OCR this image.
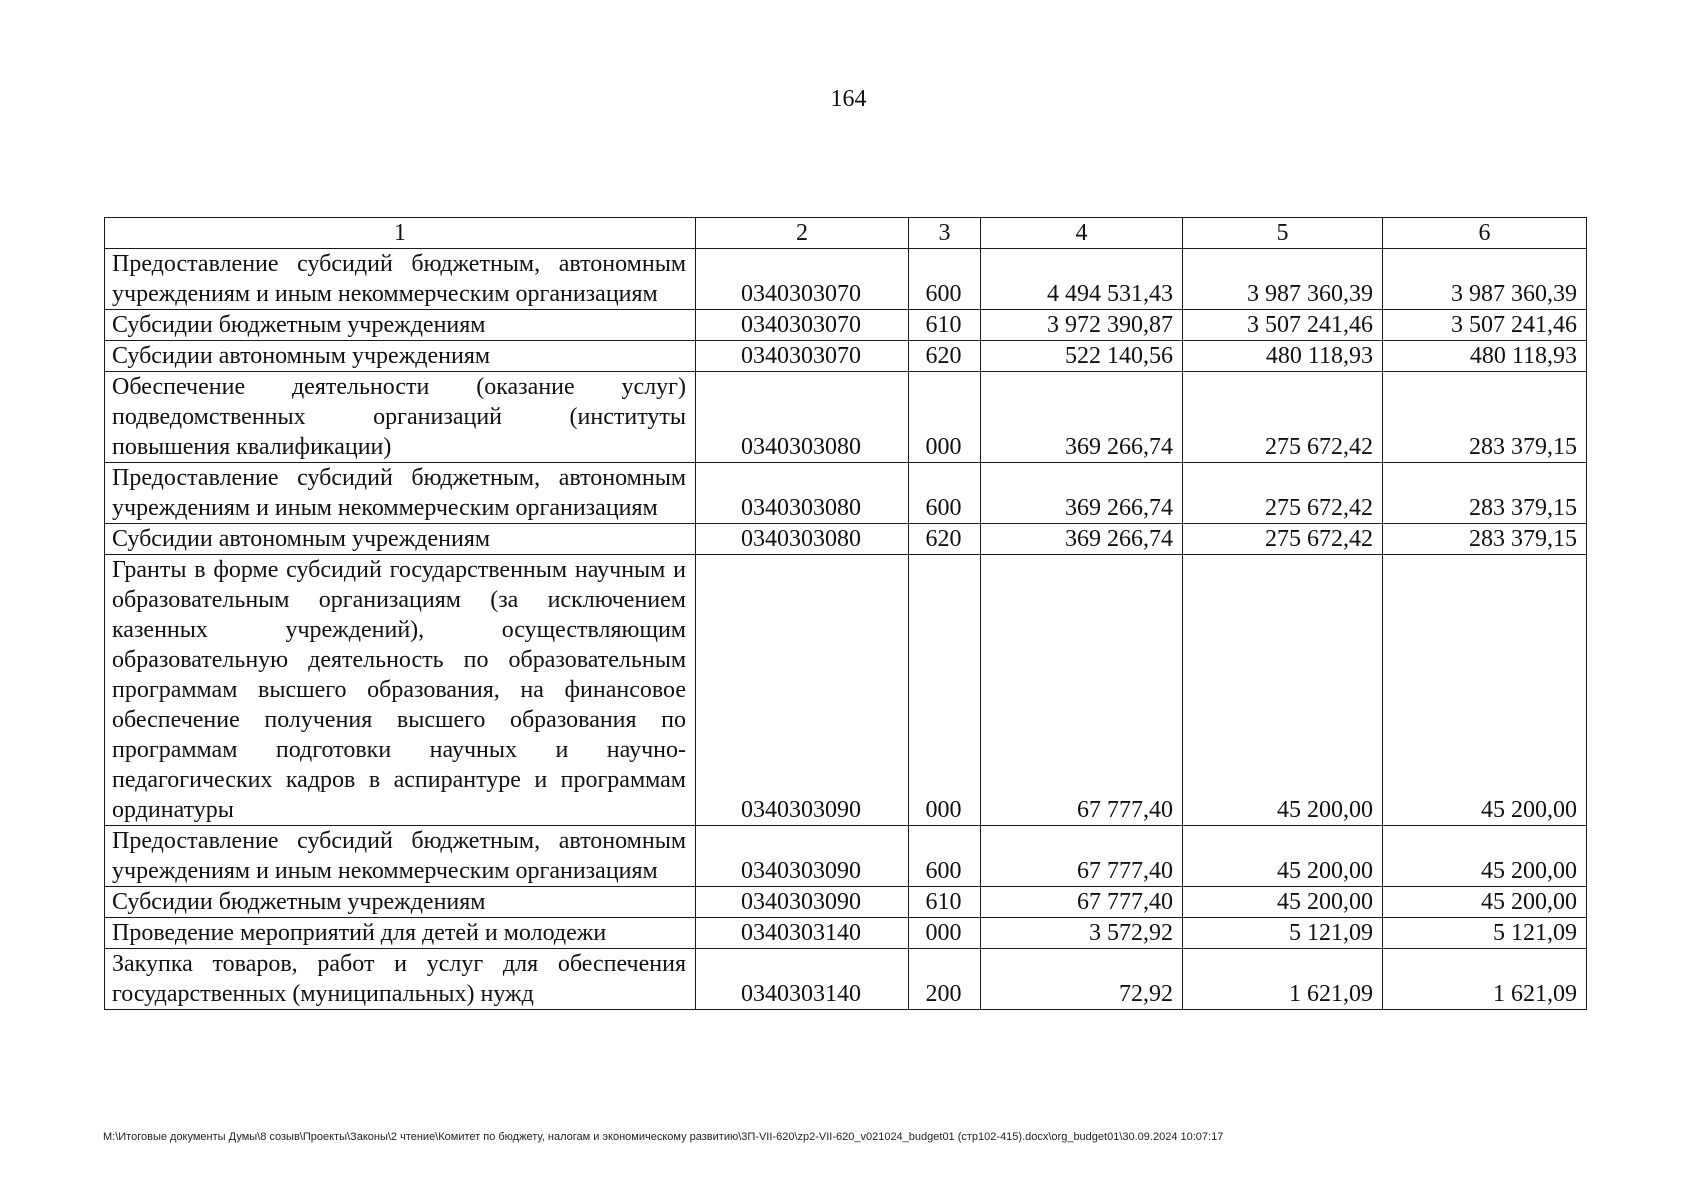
164
1	2	3	4	5	6
Предоставление субсидий бюджетным, автономным учреждениям и иным некоммерческим организациям	0340303070	600	4 494 531,43	3 987 360,39	3 987 360,39
Субсидии бюджетным учреждениям	0340303070	610	3 972 390,87	3 507 241,46	3 507 241,46
Субсидии автономным учреждениям	0340303070	620	522 140,56	480 118,93	480 118,93
Обеспечение деятельности (оказание услуг) подведомственных организаций (институты повышения квалификации)	0340303080	000	369 266,74	275 672,42	283 379,15
Предоставление субсидий бюджетным, автономным учреждениям и иным некоммерческим организациям	0340303080	600	369 266,74	275 672,42	283 379,15
Субсидии автономным учреждениям	0340303080	620	369 266,74	275 672,42	283 379,15
Гранты в форме субсидий государственным научным и образовательным организациям (за исключением казенных учреждений), осуществляющим образовательную деятельность по образовательным программам высшего образования, на финансовое обеспечение получения высшего образования по программам подготовки научных и научно-педагогических кадров в аспирантуре и программам ординатуры	0340303090	000	67 777,40	45 200,00	45 200,00
Предоставление субсидий бюджетным, автономным учреждениям и иным некоммерческим организациям	0340303090	600	67 777,40	45 200,00	45 200,00
Субсидии бюджетным учреждениям	0340303090	610	67 777,40	45 200,00	45 200,00
Проведение мероприятий для детей и молодежи	0340303140	000	3 572,92	5 121,09	5 121,09
Закупка товаров, работ и услуг для обеспечения государственных (муниципальных) нужд	0340303140	200	72,92	1 621,09	1 621,09
M:\Итоговые документы Думы\8 созыв\Проекты\Законы\2 чтение\Комитет по бюджету, налогам и экономическому развитию\3П-VII-620\zp2-VII-620_v021024_budget01 (стр102-415).docx\org_budget01\30.09.2024 10:07:17
